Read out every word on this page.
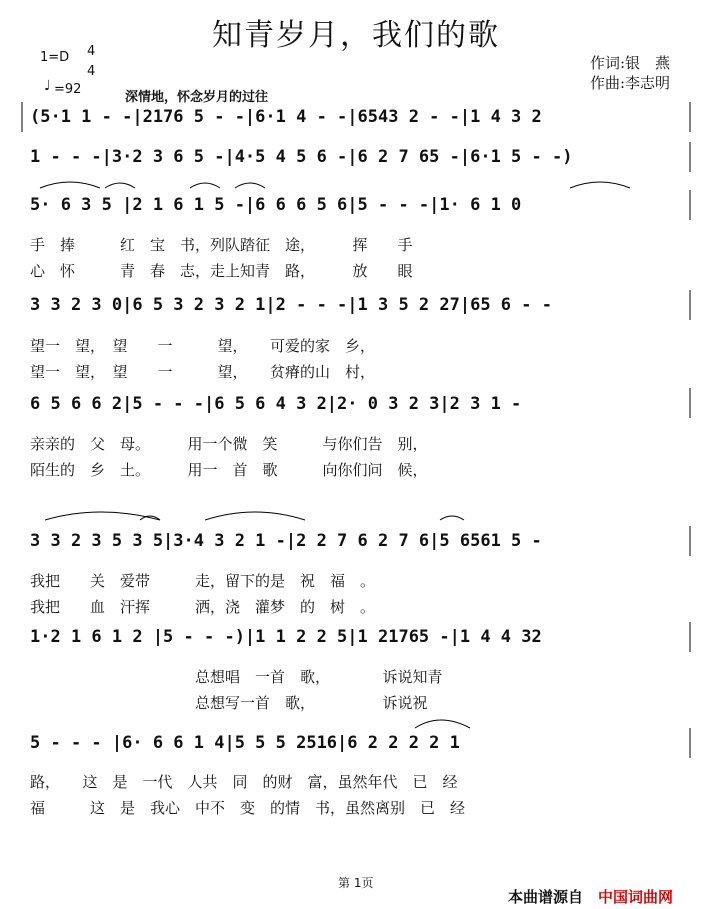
知青岁月，我们的歌
1=D 4
4
♩ =92
深情地，怀念岁月的过往
作词:银　燕
作曲:李志明
(5·1 1 - -|2176 5 - -|6·1 4 - -|6543 2 - -|1 4 3 2
1 - - -|3·2 3 6 5 -|4·5 4 5 6 -|6 2 7 65 -|6·1 5 - -)
5· 6 3 5 |2 1 6 1 5 -|6 6 6 5 6|5 - - -|1· 6 1 0
手　捧　　　红　宝　书，列队踏征　途，　　　挥　　手
心　怀　　　青　春　志，走上知青　路，　　　放　　眼
3 3 2 3 0|6 5 3 2 3 2 1|2 - - -|1 3 5 2 27|65 6 - -
望一　望，　望　　一　　　望，　　可爱的家　乡，
望一　望，　望　　一　　　望，　　贫瘠的山　村，
6 5 6 6 2|5 - - -|6 5 6 4 3 2|2· 0 3 2 3|2 3 1 -
亲亲的　父　母。　　　用一个微　笑　　　与你们告　别，
陌生的　乡　土。　　　用一　首　歌　　　向你们问　候，
3 3 2 3 5 3 5|3·4 3 2 1 -|2 2 7 6 2 7 6|5 6561 5 -
我把　　关　爱带　　　走，留下的是　祝　福　。
我把　　血　汗挥　　　洒，浇　灌梦　的　树　。
1·2 1 6 1 2 |5 - - -)|1 1 2 2 5|1 21765 -|1 4 4 32
　　　　　　　　　　　总想唱　一首　歌，　　　　诉说知青
　　　　　　　　　　　总想写一首　歌，　　　　　诉说祝
5 - - - |6· 6 6 1 4|5 5 5 2516|6 2 2 2 2 1
路，　　这　是　一代　人共　同　的财　富，虽然年代　已　经
福　　　这　是　我心　中不　变　的情　书，虽然离别　已　经
第 1页
本曲谱源自　 中国词曲网
